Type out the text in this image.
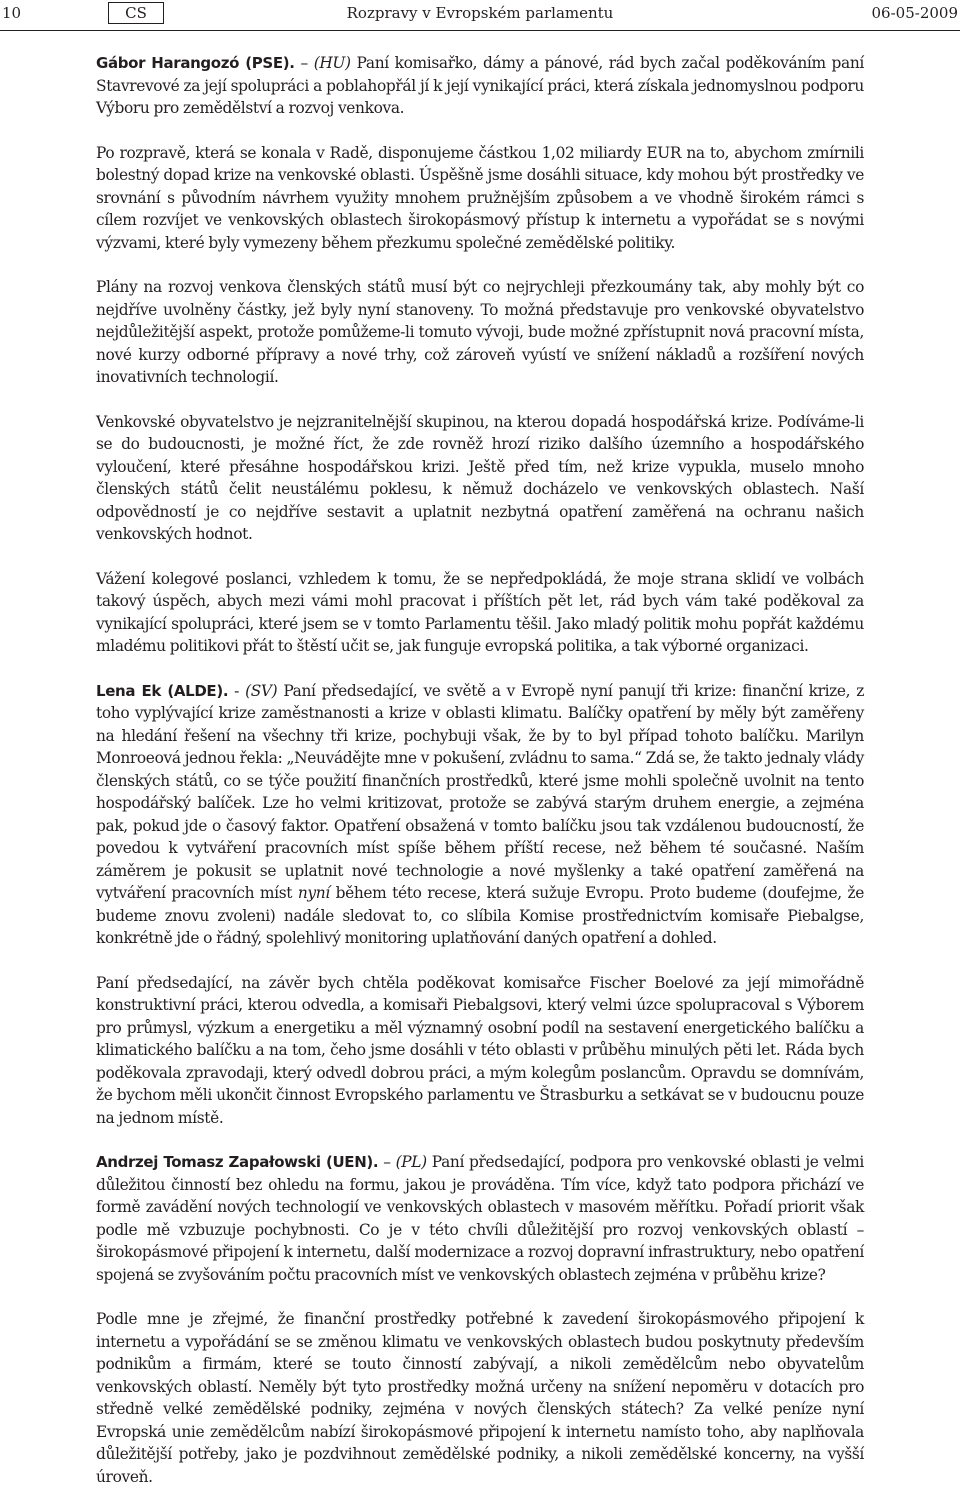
10	CS	Rozpravy v Evropském parlamentu	06-05-2009

Gábor Harangozó (PSE). – (HU) Paní komisařko, dámy a pánové, rád bych začal poděkováním paní Stavrevové za její spolupráci a poblahopřál jí k její vynikající práci, která získala jednomyslnou podporu Výboru pro zemědělství a rozvoj venkova.

Po rozpravě, která se konala v Radě, disponujeme částkou 1,02 miliardy EUR na to, abychom zmírnili bolestný dopad krize na venkovské oblasti. Úspěšně jsme dosáhli situace, kdy mohou být prostředky ve srovnání s původním návrhem využity mnohem pružnějším způsobem a ve vhodně širokém rámci s cílem rozvíjet ve venkovských oblastech širokopásmový přístup k internetu a vypořádat se s novými výzvami, které byly vymezeny během přezkumu společné zemědělské politiky.

Plány na rozvoj venkova členských států musí být co nejrychleji přezkoumány tak, aby mohly být co nejdříve uvolněny částky, jež byly nyní stanoveny. To možná představuje pro venkovské obyvatelstvo nejdůležitější aspekt, protože pomůžeme-li tomuto vývoji, bude možné zpřístupnit nová pracovní místa, nové kurzy odborné přípravy a nové trhy, což zároveň vyústí ve snížení nákladů a rozšíření nových inovativních technologií.

Venkovské obyvatelstvo je nejzranitelnější skupinou, na kterou dopadá hospodářská krize. Podíváme-li se do budoucnosti, je možné říct, že zde rovněž hrozí riziko dalšího územního a hospodářského vyloučení, které přesáhne hospodářskou krizi. Ještě před tím, než krize vypukla, muselo mnoho členských států čelit neustálému poklesu, k němuž docházelo ve venkovských oblastech. Naší odpovědností je co nejdříve sestavit a uplatnit nezbytná opatření zaměřená na ochranu našich venkovských hodnot.

Vážení kolegové poslanci, vzhledem k tomu, že se nepředpokládá, že moje strana sklidí ve volbách takový úspěch, abych mezi vámi mohl pracovat i příštích pět let, rád bych vám také poděkoval za vynikající spolupráci, které jsem se v tomto Parlamentu těšil. Jako mladý politik mohu popřát každému mladému politikovi přát to štěstí učit se, jak funguje evropská politika, a tak výborné organizaci.

Lena Ek (ALDE). - (SV) Paní předsedající, ve světě a v Evropě nyní panují tři krize: finanční krize, z toho vyplývající krize zaměstnanosti a krize v oblasti klimatu. Balíčky opatření by měly být zaměřeny na hledání řešení na všechny tři krize, pochybuji však, že by to byl případ tohoto balíčku. Marilyn Monroeová jednou řekla: „Neuvádějte mne v pokušení, zvládnu to sama.“ Zdá se, že takto jednaly vlády členských států, co se týče použití finančních prostředků, které jsme mohli společně uvolnit na tento hospodářský balíček. Lze ho velmi kritizovat, protože se zabývá starým druhem energie, a zejména pak, pokud jde o časový faktor. Opatření obsažená v tomto balíčku jsou tak vzdálenou budoucností, že povedou k vytváření pracovních míst spíše během příští recese, než během té současné. Naším záměrem je pokusit se uplatnit nové technologie a nové myšlenky a také opatření zaměřená na vytváření pracovních míst nyní během této recese, která sužuje Evropu. Proto budeme (doufejme, že budeme znovu zvoleni) nadále sledovat to, co slíbila Komise prostřednictvím komisaře Piebalgse, konkrétně jde o řádný, spolehlivý monitoring uplatňování daných opatření a dohled.

Paní předsedající, na závěr bych chtěla poděkovat komisařce Fischer Boelové za její mimořádně konstruktivní práci, kterou odvedla, a komisaři Piebalgsovi, který velmi úzce spolupracoval s Výborem pro průmysl, výzkum a energetiku a měl významný osobní podíl na sestavení energetického balíčku a klimatického balíčku a na tom, čeho jsme dosáhli v této oblasti v průběhu minulých pěti let. Ráda bych poděkovala zpravodaji, který odvedl dobrou práci, a mým kolegům poslancům. Opravdu se domnívám, že bychom měli ukončit činnost Evropského parlamentu ve Štrasburku a setkávat se v budoucnu pouze na jednom místě.

Andrzej Tomasz Zapałowski (UEN). – (PL) Paní předsedající, podpora pro venkovské oblasti je velmi důležitou činností bez ohledu na formu, jakou je prováděna. Tím více, když tato podpora přichází ve formě zavádění nových technologií ve venkovských oblastech v masovém měřítku. Pořadí priorit však podle mě vzbuzuje pochybnosti. Co je v této chvíli důležitější pro rozvoj venkovských oblastí – širokopásmové připojení k internetu, další modernizace a rozvoj dopravní infrastruktury, nebo opatření spojená se zvyšováním počtu pracovních míst ve venkovských oblastech zejména v průběhu krize?

Podle mne je zřejmé, že finanční prostředky potřebné k zavedení širokopásmového připojení k internetu a vypořádání se se změnou klimatu ve venkovských oblastech budou poskytnuty především podnikům a firmám, které se touto činností zabývají, a nikoli zemědělcům nebo obyvatelům venkovských oblastí. Neměly být tyto prostředky možná určeny na snížení nepoměru v dotacích pro středně velké zemědělské podniky, zejména v nových členských státech? Za velké peníze nyní Evropská unie zemědělcům nabízí širokopásmové připojení k internetu namísto toho, aby naplňovala důležitější potřeby, jako je pozdvihnout zemědělské podniky, a nikoli zemědělské koncerny, na vyšší úroveň.
